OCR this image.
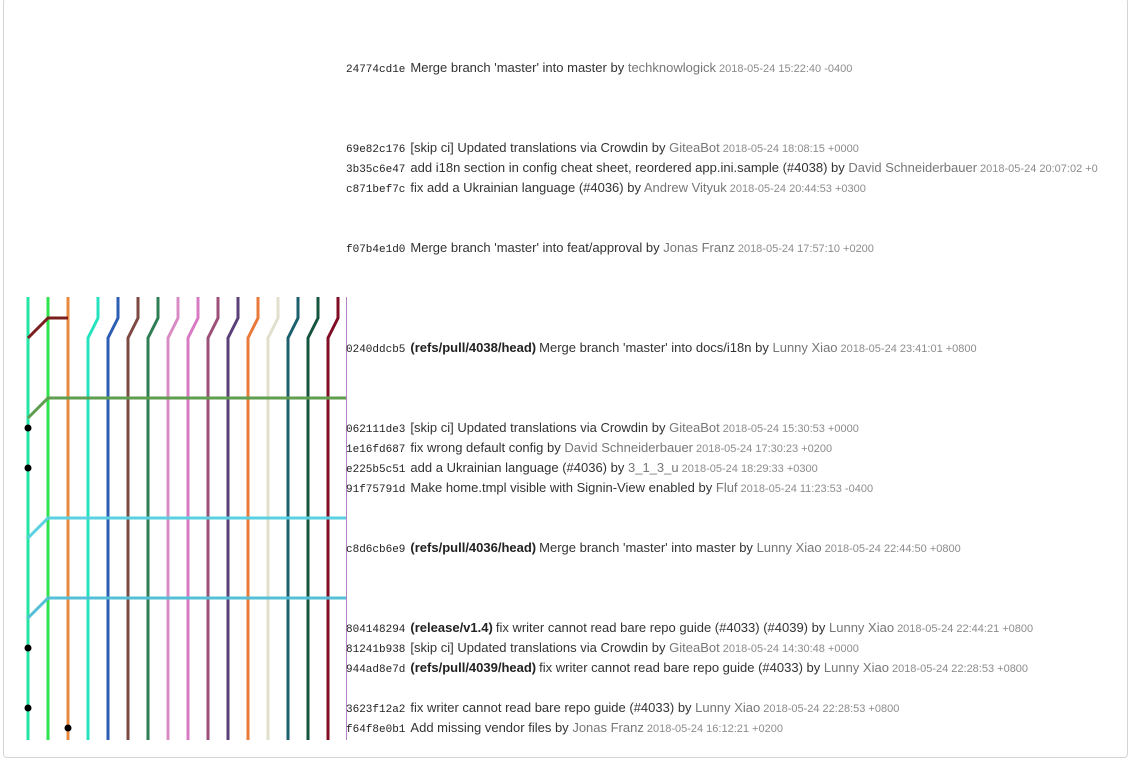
24774cd1e Merge branch 'master' into master by techknowlogick 2018-05-24 15:22:40 -0400
69e82c176 [skip ci] Updated translations via Crowdin by GiteaBot 2018-05-24 18:08:15 +0000
3b35c6e47 add i18n section in config cheat sheet, reordered app.ini.sample (#4038) by David Schneiderbauer 2018-05-24 20:07:02 +0
c871bef7c fix add a Ukrainian language (#4036) by Andrew Vityuk 2018-05-24 20:44:53 +0300
f07b4e1d0 Merge branch 'master' into feat/approval by Jonas Franz 2018-05-24 17:57:10 +0200
0240ddcb5 (refs/pull/4038/head) Merge branch 'master' into docs/i18n by Lunny Xiao 2018-05-24 23:41:01 +0800
062111de3 [skip ci] Updated translations via Crowdin by GiteaBot 2018-05-24 15:30:53 +0000
1e16fd687 fix wrong default config by David Schneiderbauer 2018-05-24 17:30:23 +0200
e225b5c51 add a Ukrainian language (#4036) by 3_1_3_u 2018-05-24 18:29:33 +0300
91f75791d Make home.tmpl visible with Signin-View enabled by Fluf 2018-05-24 11:23:53 -0400
c8d6cb6e9 (refs/pull/4036/head) Merge branch 'master' into master by Lunny Xiao 2018-05-24 22:44:50 +0800
804148294 (release/v1.4) fix writer cannot read bare repo guide (#4033) (#4039) by Lunny Xiao 2018-05-24 22:44:21 +0800
81241b938 [skip ci] Updated translations via Crowdin by GiteaBot 2018-05-24 14:30:48 +0000
944ad8e7d (refs/pull/4039/head) fix writer cannot read bare repo guide (#4033) by Lunny Xiao 2018-05-24 22:28:53 +0800
3623f12a2 fix writer cannot read bare repo guide (#4033) by Lunny Xiao 2018-05-24 22:28:53 +0800
f64f8e0b1 Add missing vendor files by Jonas Franz 2018-05-24 16:12:21 +0200
